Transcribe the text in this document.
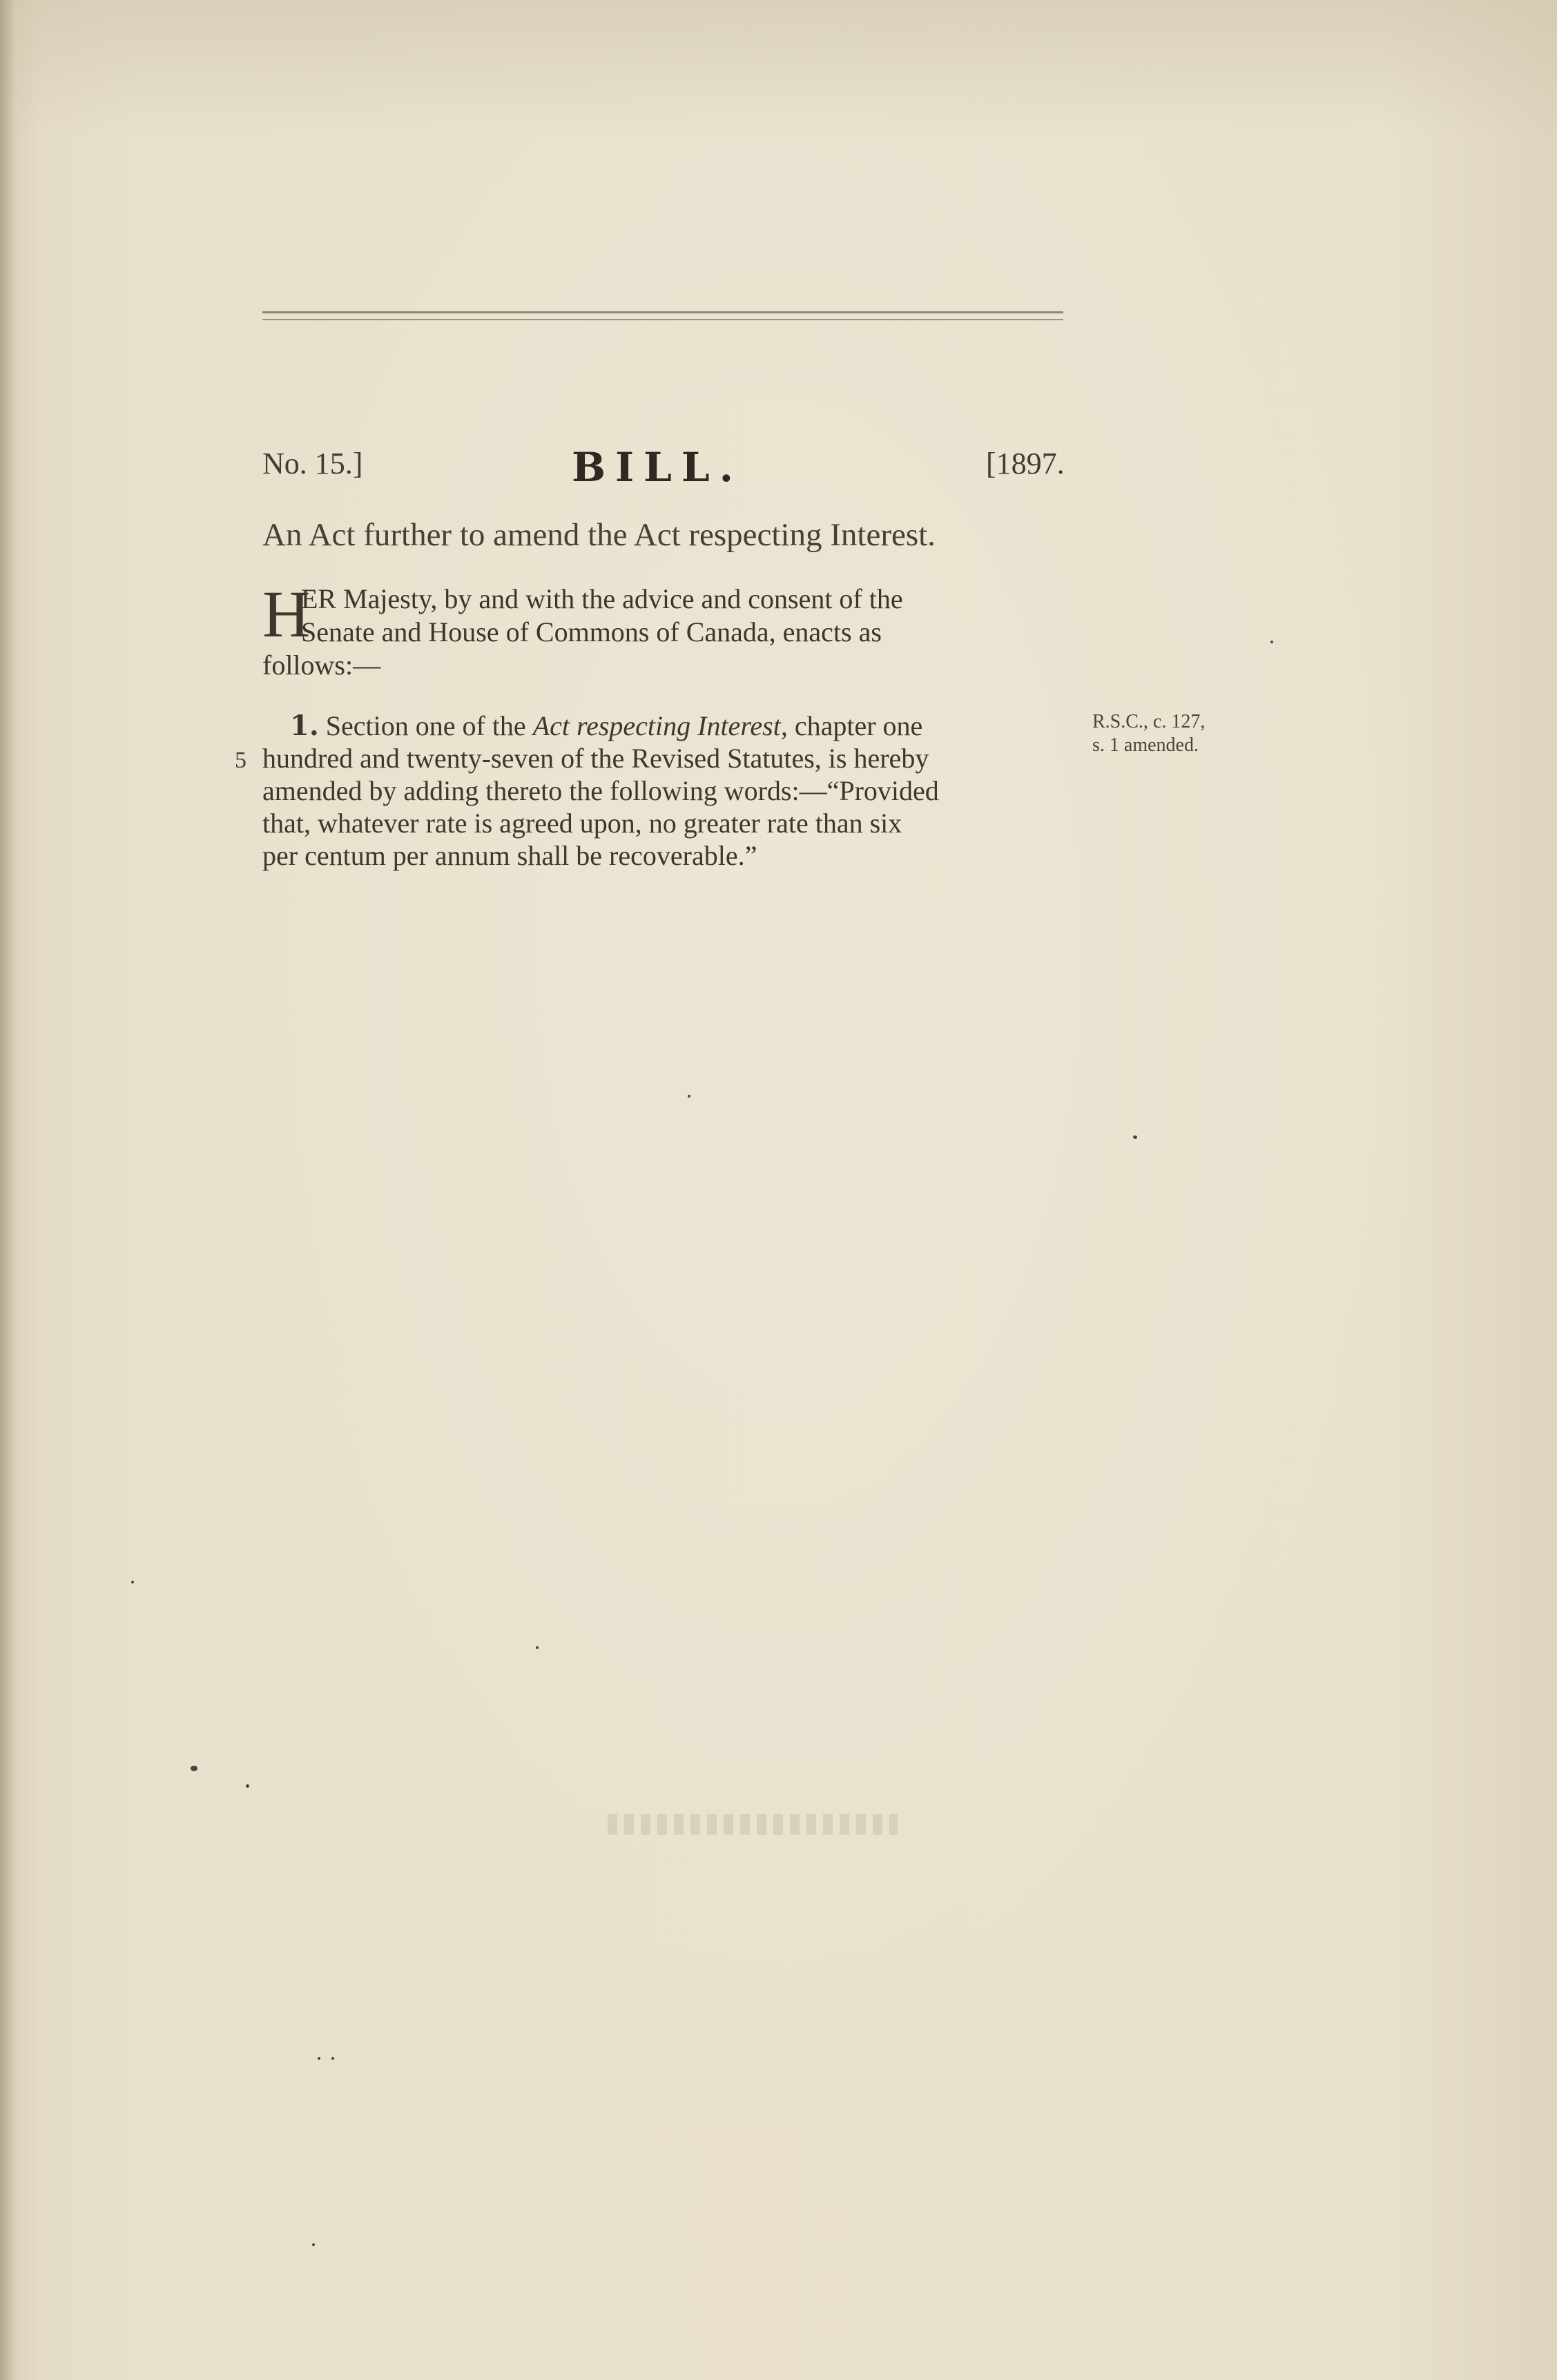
No. 15.]	BILL.	[1897.
An Act further to amend the Act respecting Interest.
H
ER Majesty, by and with the advice and consent of the
Senate and House of Commons of Canada, enacts as
follows:—
1. Section one of the Act respecting Interest, chapter one
hundred and twenty-seven of the Revised Statutes, is hereby
amended by adding thereto the following words:—“Provided
that, whatever rate is agreed upon, no greater rate than six
per centum per annum shall be recoverable.”
5
R.S.C., c. 127,
s. 1 amended.
